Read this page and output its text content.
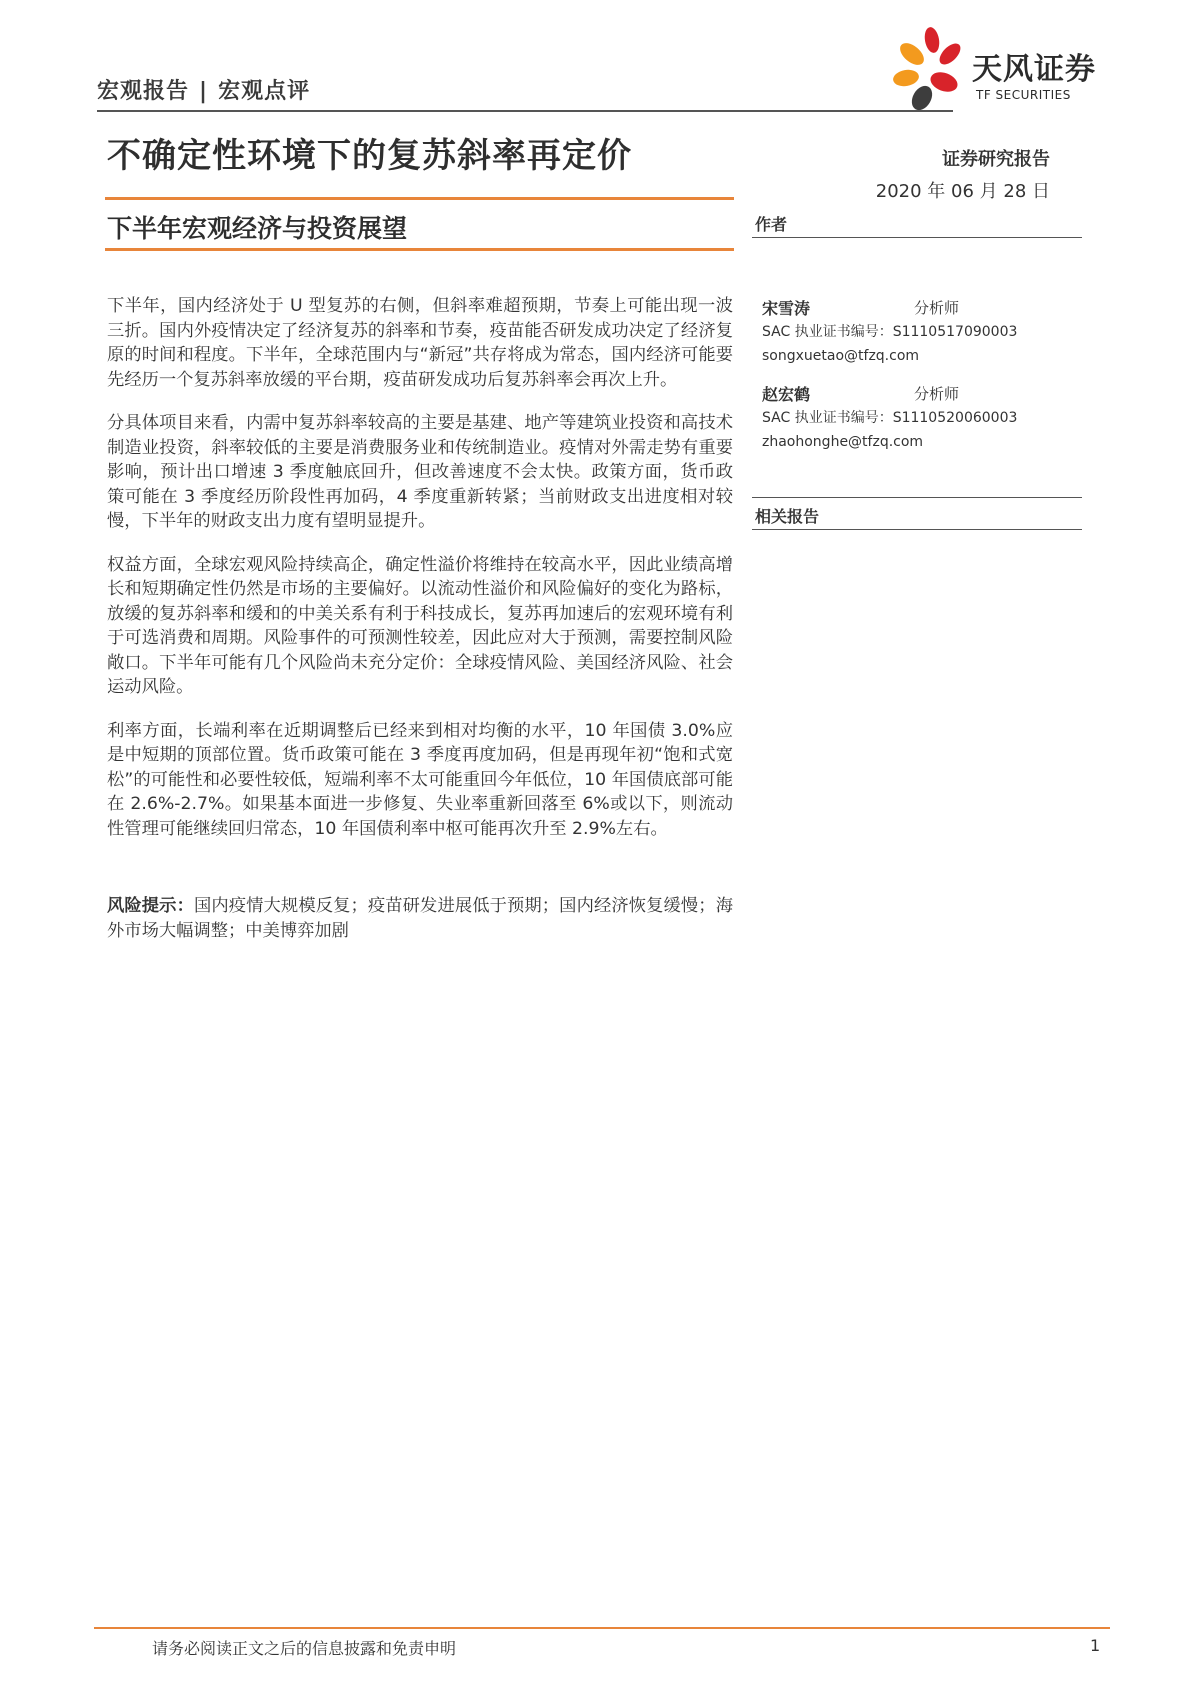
宏观报告 | 宏观点评
天风证券
TF SECURITIES
不确定性环境下的复苏斜率再定价	证券研究报告
2020 年 06 月 28 日
下半年宏观经济与投资展望	作者
宋雪涛	分析师
SAC 执业证书编号：S1110517090003
songxuetao@tfzq.com
赵宏鹤	分析师
SAC 执业证书编号：S1110520060003
zhaohonghe@tfzq.com
相关报告

下半年，国内经济处于 U 型复苏的右侧，但斜率难超预期，节奏上可能出现一波三折。国内外疫情决定了经济复苏的斜率和节奏，疫苗能否研发成功决定了经济复原的时间和程度。下半年，全球范围内与“新冠”共存将成为常态，国内经济可能要先经历一个复苏斜率放缓的平台期，疫苗研发成功后复苏斜率会再次上升。

分具体项目来看，内需中复苏斜率较高的主要是基建、地产等建筑业投资和高技术制造业投资，斜率较低的主要是消费服务业和传统制造业。疫情对外需走势有重要影响，预计出口增速 3 季度触底回升，但改善速度不会太快。政策方面，货币政策可能在 3 季度经历阶段性再加码，4 季度重新转紧；当前财政支出进度相对较慢，下半年的财政支出力度有望明显提升。

权益方面，全球宏观风险持续高企，确定性溢价将维持在较高水平，因此业绩高增长和短期确定性仍然是市场的主要偏好。以流动性溢价和风险偏好的变化为路标，放缓的复苏斜率和缓和的中美关系有利于科技成长，复苏再加速后的宏观环境有利于可选消费和周期。风险事件的可预测性较差，因此应对大于预测，需要控制风险敞口。下半年可能有几个风险尚未充分定价：全球疫情风险、美国经济风险、社会运动风险。

利率方面，长端利率在近期调整后已经来到相对均衡的水平，10 年国债 3.0%应是中短期的顶部位置。货币政策可能在 3 季度再度加码，但是再现年初“饱和式宽松”的可能性和必要性较低，短端利率不太可能重回今年低位，10 年国债底部可能在 2.6%-2.7%。如果基本面进一步修复、失业率重新回落至 6%或以下，则流动性管理可能继续回归常态，10 年国债利率中枢可能再次升至 2.9%左右。

风险提示：国内疫情大规模反复；疫苗研发进展低于预期；国内经济恢复缓慢；海外市场大幅调整；中美博弈加剧

请务必阅读正文之后的信息披露和免责申明	1
